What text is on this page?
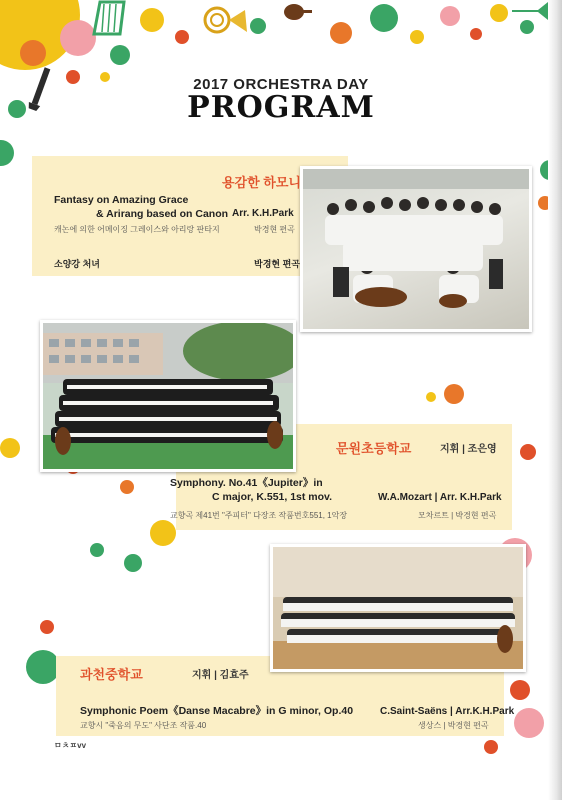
2017 ORCHESTRA DAY
PROGRAM
용감한 하모니
Fantasy on Amazing Grace
& Arirang based on Canon
캐논에 의한 어메이징 그레이스와 아리랑 판타지
Arr. K.H.Park
박경현 편곡
소양강 처녀	박경현 편곡
문원초등학교	지휘 | 조은영
Symphony. No.41《Jupiter》in
C major, K.551, 1st mov.
교향곡 제41번 "주피터" 다장조 작품번호551, 1악장
W.A.Mozart | Arr. K.H.Park
모차르트 | 박경현 편곡
과천중학교	지휘 | 김효주
Symphonic Poem《Danse Macabre》in G minor, Op.40
교향시 "죽음의 무도" 사단조 작품.40
C.Saint-Saëns | Arr.K.H.Park
생상스 | 박경현 편곡
ㅁㅊㅍvv
